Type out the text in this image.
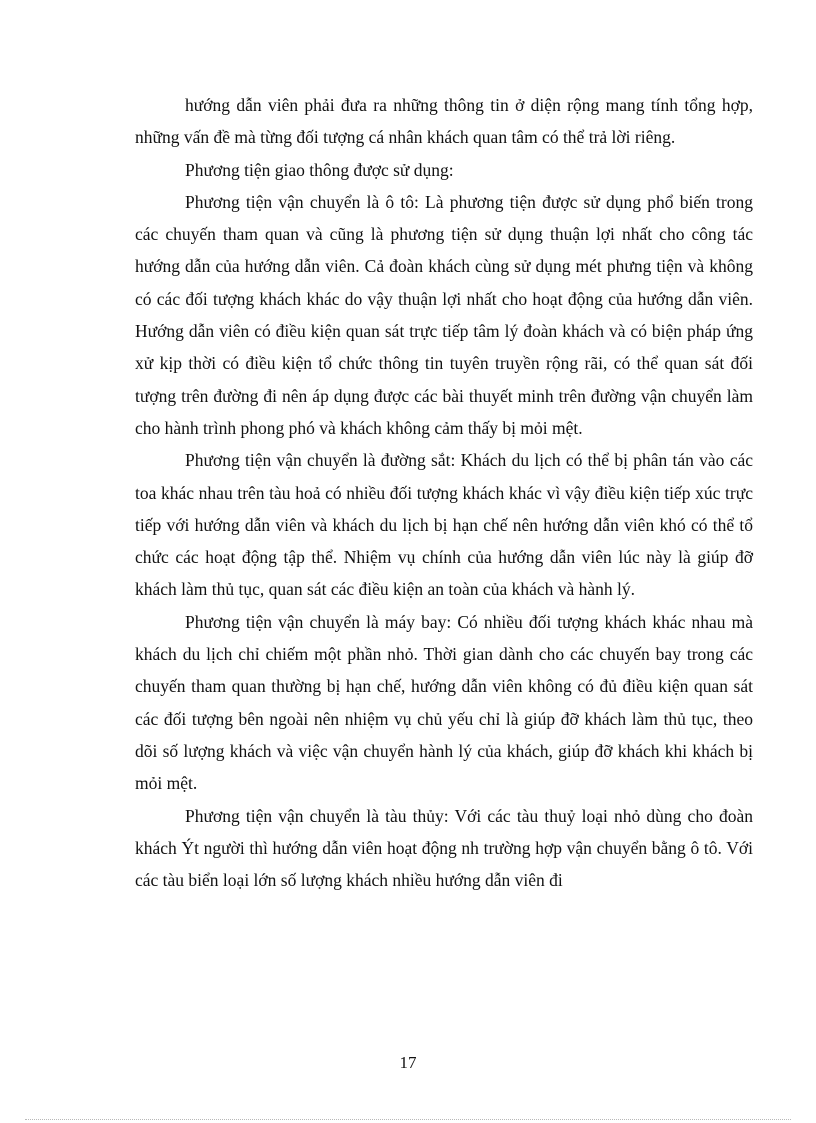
hướng dẫn viên phải đưa ra những thông tin ở diện rộng mang tính tổng hợp, những vấn đề mà từng đối tượng cá nhân khách quan tâm có thể trả lời riêng.

Phương tiện giao thông được sử dụng:

Phương tiện vận chuyển là ô tô: Là phương tiện được sử dụng phổ biến trong các chuyến tham quan và cũng là phương tiện sử dụng thuận lợi nhất cho công tác hướng dẫn của hướng dẫn viên. Cả đoàn khách cùng sử dụng mét phưng tiện và không có các đối tượng khách khác do vậy thuận lợi nhất cho hoạt động của hướng dẫn viên. Hướng dẫn viên có điều kiện quan sát trực tiếp tâm lý đoàn khách và có biện pháp ứng xử kịp thời có điều kiện tổ chức thông tin tuyên truyền rộng rãi, có thể quan sát đối tượng trên đường đi nên áp dụng được các bài thuyết minh trên đường vận chuyển làm cho hành trình phong phó và khách không cảm thấy bị mỏi mệt.

Phương tiện vận chuyển là đường sắt: Khách du lịch có thể bị phân tán vào các toa khác nhau trên tàu hoả có nhiều đối tượng khách khác vì vậy điều kiện tiếp xúc trực tiếp với hướng dẫn viên và khách du lịch bị hạn chế nên hướng dẫn viên khó có thể tổ chức các hoạt động tập thể. Nhiệm vụ chính của hướng dẫn viên lúc này là giúp đỡ khách làm thủ tục, quan sát các điều kiện an toàn của khách và hành lý.

Phương tiện vận chuyển là máy bay: Có nhiều đối tượng khách khác nhau mà khách du lịch chỉ chiếm một phần nhỏ. Thời gian dành cho các chuyến bay trong các chuyến tham quan thường bị hạn chế, hướng dẫn viên không có đủ điều kiện quan sát các đối tượng bên ngoài nên nhiệm vụ chủ yếu chỉ là giúp đỡ khách làm thủ tục, theo dõi số lượng khách và việc vận chuyển hành lý của khách, giúp đỡ khách khi khách bị mỏi mệt.

Phương tiện vận chuyển là tàu thủy: Với các tàu thuỷ loại nhỏ dùng cho đoàn khách Ýt người thì hướng dẫn viên hoạt động nh trường hợp vận chuyển bằng ô tô. Với các tàu biển loại lớn số lượng khách nhiều hướng dẫn viên đi

17
